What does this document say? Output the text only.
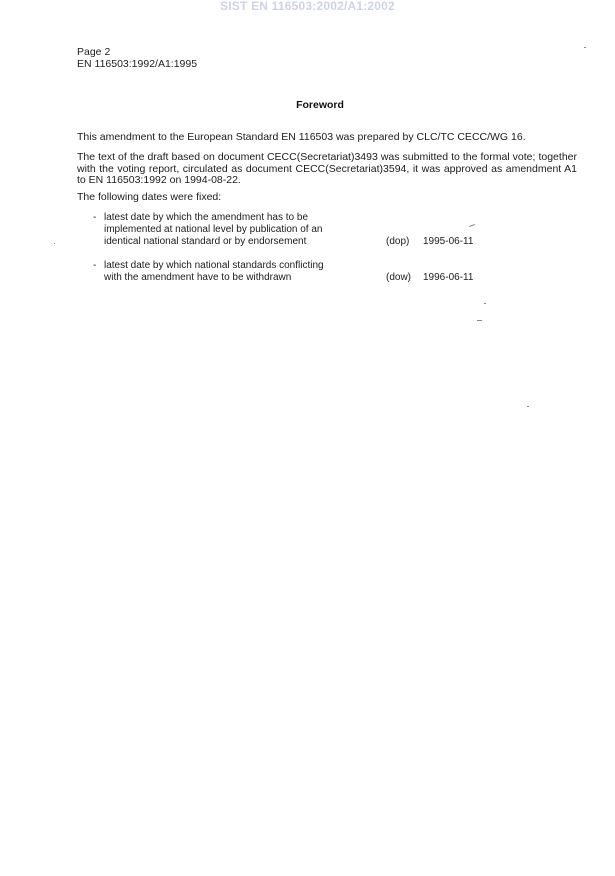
SIST EN 116503:2002/A1:2002
Page 2
EN 116503:1992/A1:1995
Foreword
This amendment to the European Standard EN 116503 was prepared by CLC/TC CECC/WG 16.
The text of the draft based on document CECC(Secretariat)3493 was submitted to the formal vote; together with the voting report, circulated as document CECC(Secretariat)3594, it was approved as amendment A1 to EN 116503:1992 on 1994-08-22.
The following dates were fixed:
- latest date by which the amendment has to be
implemented at national level by publication of an
identical national standard or by endorsement	(dop) 1995-06-11
- latest date by which national standards conflicting
with the amendment have to be withdrawn	(dow) 1996-06-11
